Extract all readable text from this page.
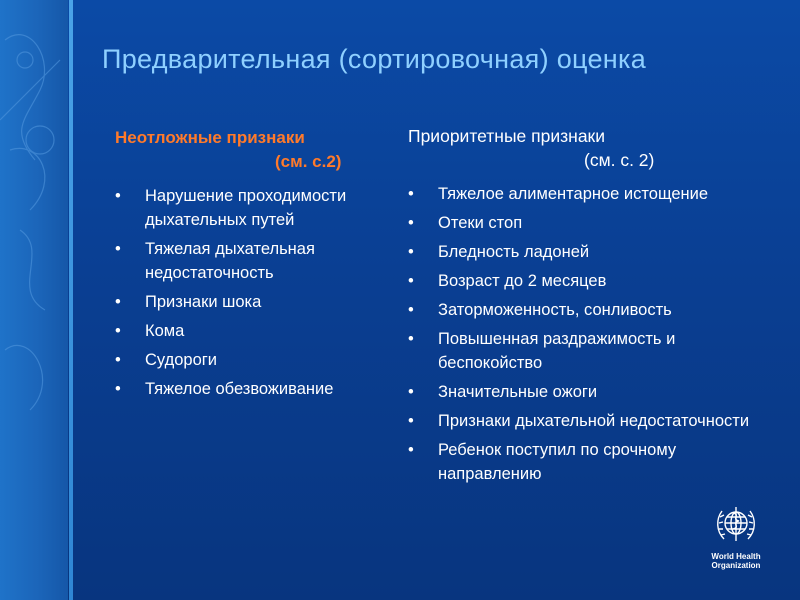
Предварительная (сортировочная) оценка
Неотложные признаки
(см. с.2)
• Нарушение проходимости дыхательных путей
• Тяжелая дыхательная недостаточность
• Признаки шока
• Кома
• Судороги
• Тяжелое обезвоживание
Приоритетные признаки
(см. с. 2)
• Тяжелое алиментарное истощение
• Отеки стоп
• Бледность ладоней
• Возраст до 2 месяцев
• Заторможенность, сонливость
• Повышенная раздражимость и беспокойство
• Значительные ожоги
• Признаки дыхательной недостаточности
• Ребенок поступил по срочному направлению
World Health
Organization
